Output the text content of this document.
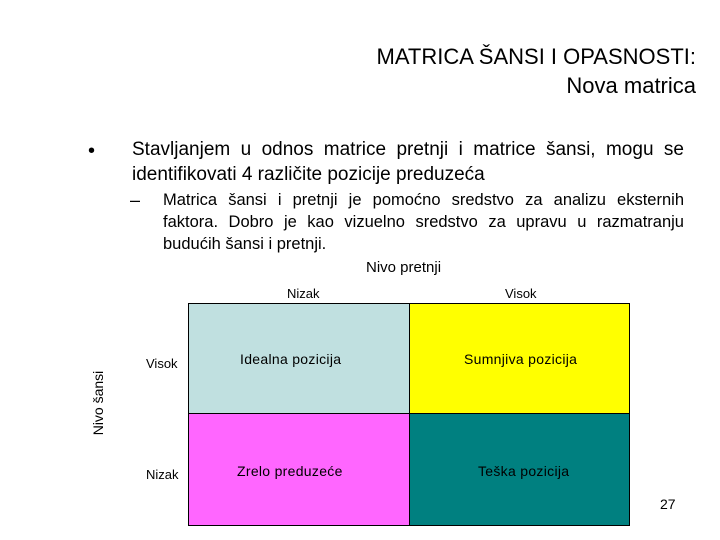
MATRICA ŠANSI I OPASNOSTI:
Nova matrica
• Stavljanjem u odnos matrice pretnji i matrice šansi, mogu se identifikovati 4 različite pozicije preduzeća
– Matrica šansi i pretnji je pomoćno sredstvo za analizu eksternih faktora. Dobro je kao vizuelno sredstvo za upravu u razmatranju budućih šansi i pretnji.
Nivo pretnji
Nizak	Visok
Nivo šansi
Visok
Nizak
Idealna pozicija	Sumnjiva pozicija
Zrelo preduzeće	Teška pozicija
27
